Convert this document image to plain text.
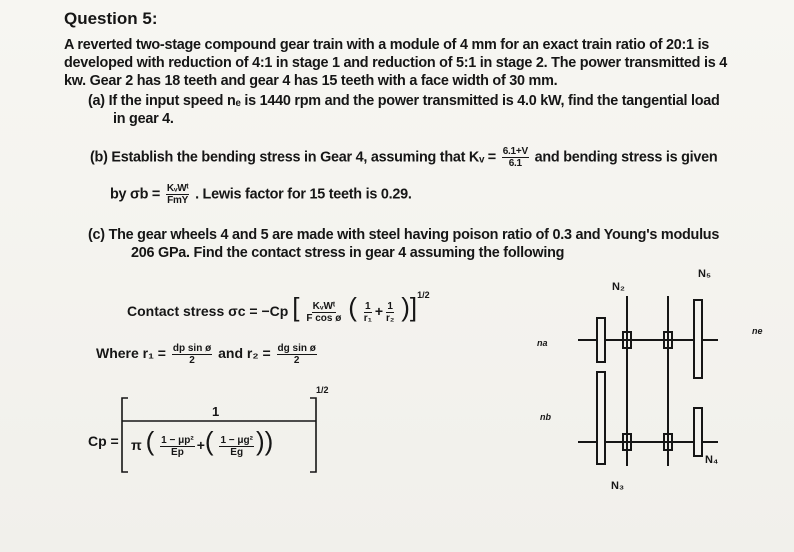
Question 5:
A reverted two-stage compound gear train with a module of 4 mm for an exact train ratio of 20:1 is
developed with reduction of 4:1 in stage 1 and reduction of 5:1 in stage 2. The power transmitted is 4
kw. Gear 2 has 18 teeth and gear 4 has 15 teeth with a face width of 30 mm.
(a) If the input speed nₑ is 1440 rpm and the power transmitted is 4.0 kW, find the tangential load
in gear 4.
(b) Establish the bending stress in Gear 4, assuming that Kᵥ = $\frac{6.1+V}{6.1}$ and bending stress is given
by $\sigma b = \frac{\text{KᵥWᵗ}}{\text{FmY}}$ . Lewis factor for 15 teeth is 0.29.
(c) The gear wheels 4 and 5 are made with steel having poison ratio of 0.3 and Young's modulus
206 GPa. Find the contact stress in gear 4 assuming the following
Contact stress σc = −Cp [ $\frac{\text{KᵥWᵗ}}{\text{F cos ø}}$ ( $\frac{1}{\text{r₁}} + \frac{1}{\text{r₂}} )]^{1/2}$
Where $r_1 = \frac{\text{dp sin ø}}{2}$ and $r_2 = \frac{\text{dg sin ø}}{2}$
Cp =
1
1/2
π ( $\frac{\text{1 − μp²}}{Ep}$ +( $\frac{\text{1 − μg²}}{Eg}$ ))
N₅
N₂
na
ne
nb
N₄
N₃
